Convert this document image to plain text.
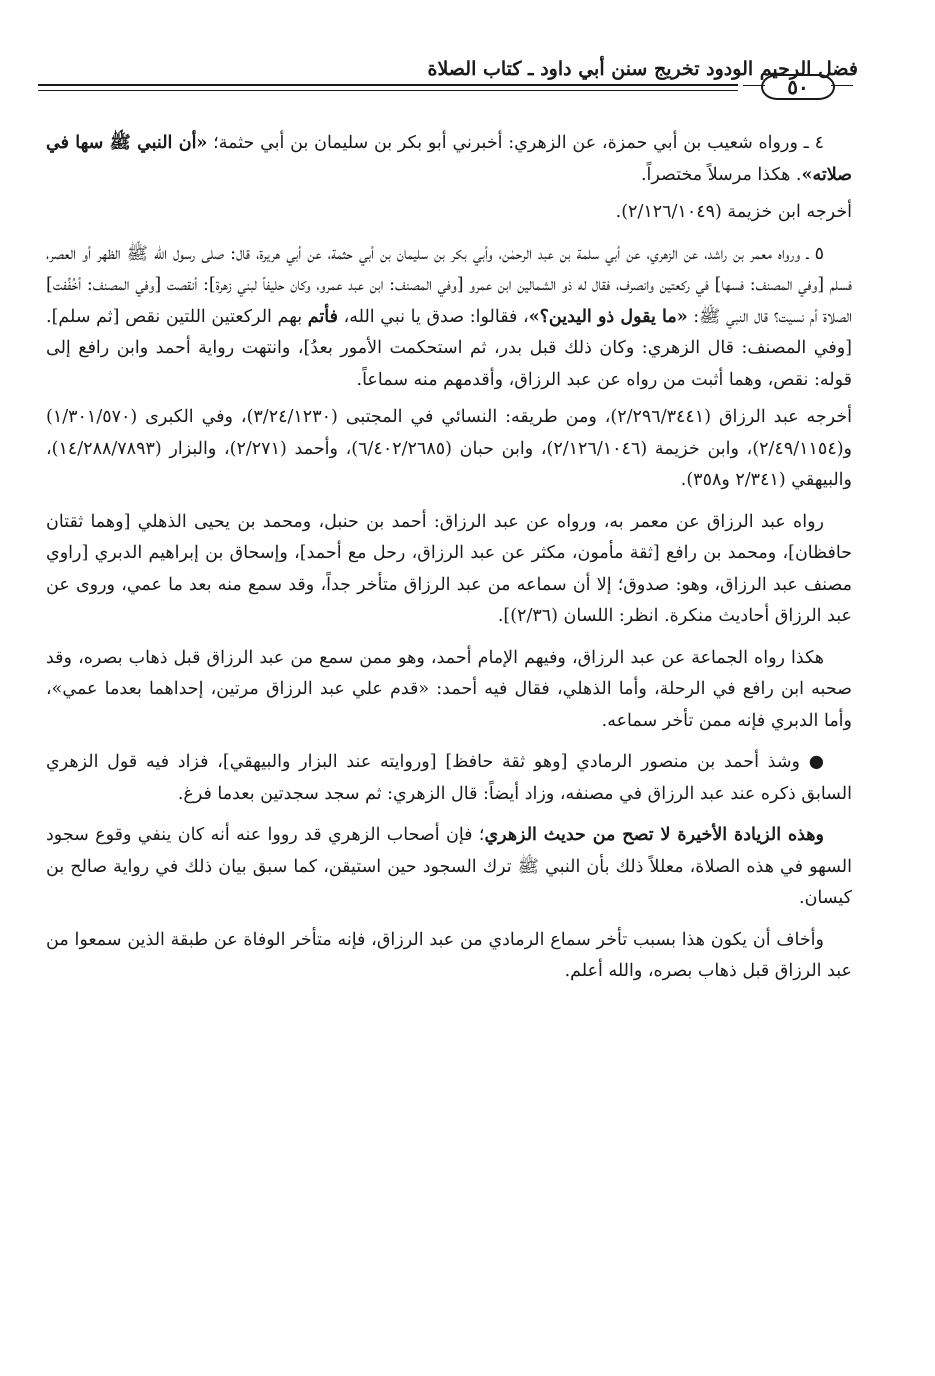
فضل الرحيم الودود تخريج سنن أبي داود ـ كتاب الصلاة
٥٠

٤ ـ ورواه شعيب بن أبي حمزة، عن الزهري: أخبرني أبو بكر بن سليمان بن أبي حثمة؛ «أن النبي ﷺ سها في صلاته». هكذا مرسلاً مختصراً.

أخرجه ابن خزيمة (٢/١٢٦/١٠٤٩).

٥ ـ ورواه معمر بن راشد، عن الزهري، عن أبي سلمة بن عبد الرحمٰن، وأبي بكر بن سليمان بن أبي حثمة، عن أبي هريرة، قال: صلى رسول الله ﷺ الظهر أو العصر، فسلم [وفي المصنف: فسها] في ركعتين وانصرف، فقال له ذو الشمالين ابن عمرو [وفي المصنف: ابن عبد عمرو، وكان حليفاً لبني زهرة]: أنقصت [وفي المصنف: أخُفِّفت] الصلاة أم نسيت؟ قال النبي ﷺ: «ما يقول ذو اليدين؟»، فقالوا: صدق يا نبي الله، فأتم بهم الركعتين اللتين نقص [ثم سلم]. [وفي المصنف: قال الزهري: وكان ذلك قبل بدر، ثم استحكمت الأمور بعدُ]، وانتهت رواية أحمد وابن رافع إلى قوله: نقص، وهما أثبت من رواه عن عبد الرزاق، وأقدمهم منه سماعاً.

أخرجه عبد الرزاق (٢/٢٩٦/٣٤٤١)، ومن طريقه: النسائي في المجتبى (٣/٢٤/١٢٣٠)، وفي الكبرى (١/٣٠١/٥٧٠) و(٢/٤٩/١١٥٤)، وابن خزيمة (٢/١٢٦/١٠٤٦)، وابن حبان (٦/٤٠٢/٢٦٨٥)، وأحمد (٢/٢٧١)، والبزار (١٤/٢٨٨/٧٨٩٣)، والبيهقي (٢/٣٤١ و٣٥٨).

رواه عبد الرزاق عن معمر به، ورواه عن عبد الرزاق: أحمد بن حنبل، ومحمد بن يحيى الذهلي [وهما ثقتان حافظان]، ومحمد بن رافع [ثقة مأمون، مكثر عن عبد الرزاق، رحل مع أحمد]، وإسحاق بن إبراهيم الدبري [راوي مصنف عبد الرزاق، وهو: صدوق؛ إلا أن سماعه من عبد الرزاق متأخر جداً، وقد سمع منه بعد ما عمي، وروى عن عبد الرزاق أحاديث منكرة. انظر: اللسان (٢/٣٦)].

هكذا رواه الجماعة عن عبد الرزاق، وفيهم الإمام أحمد، وهو ممن سمع من عبد الرزاق قبل ذهاب بصره، وقد صحبه ابن رافع في الرحلة، وأما الذهلي، فقال فيه أحمد: «قدم علي عبد الرزاق مرتين، إحداهما بعدما عمي»، وأما الدبري فإنه ممن تأخر سماعه.

● وشذ أحمد بن منصور الرمادي [وهو ثقة حافظ] [وروايته عند البزار والبيهقي]، فزاد فيه قول الزهري السابق ذكره عند عبد الرزاق في مصنفه، وزاد أيضاً: قال الزهري: ثم سجد سجدتين بعدما فرغ.

وهذه الزيادة الأخيرة لا تصح من حديث الزهري؛ فإن أصحاب الزهري قد رووا عنه أنه كان ينفي وقوع سجود السهو في هذه الصلاة، معللاً ذلك بأن النبي ﷺ ترك السجود حين استيقن، كما سبق بيان ذلك في رواية صالح بن كيسان.

وأخاف أن يكون هذا بسبب تأخر سماع الرمادي من عبد الرزاق، فإنه متأخر الوفاة عن طبقة الذين سمعوا من عبد الرزاق قبل ذهاب بصره، والله أعلم.
